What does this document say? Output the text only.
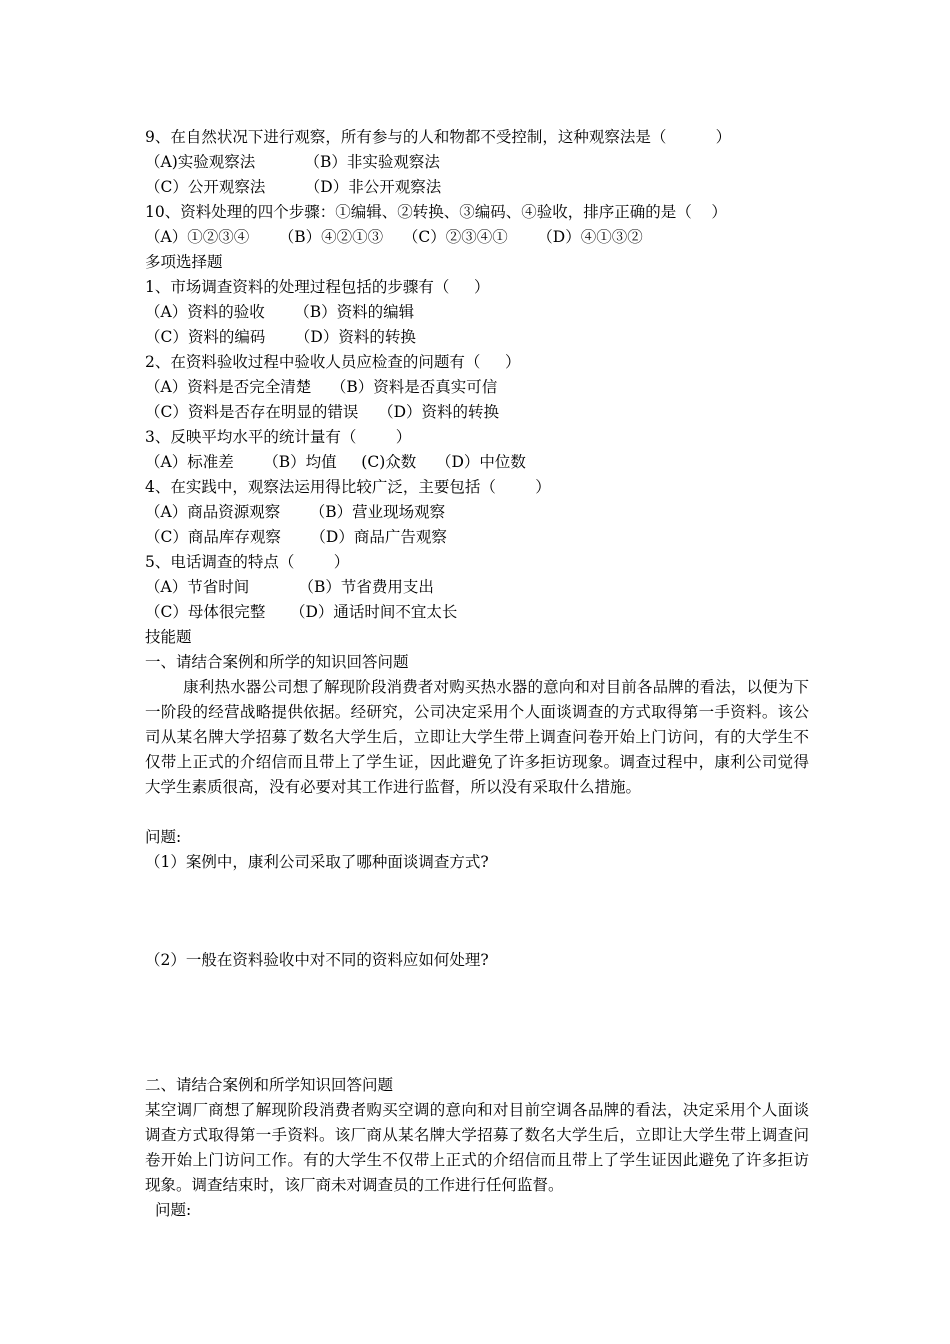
9、在自然状况下进行观察，所有参与的人和物都不受控制，这种观察法是（          ）
（A)实验观察法          （B）非实验观察法
（C）公开观察法        （D）非公开观察法
10、资料处理的四个步骤：①编辑、②转换、③编码、④验收，排序正确的是（    ）
（A）①②③④      （B）④②①③    （C）②③④①      （D）④①③②
多项选择题
1、市场调查资料的处理过程包括的步骤有（     ）
（A）资料的验收      （B）资料的编辑
（C）资料的编码      （D）资料的转换
2、在资料验收过程中验收人员应检查的问题有（     ）
（A）资料是否完全清楚    （B）资料是否真实可信
（C）资料是否存在明显的错误    （D）资料的转换
3、反映平均水平的统计量有（        ）
（A）标准差      （B）均值     (C)众数    （D）中位数
4、在实践中，观察法运用得比较广泛，主要包括（        ）
（A）商品资源观察      （B）营业现场观察
（C）商品库存观察      （D）商品广告观察
5、电话调查的特点（        ）
（A）节省时间          （B）节省费用支出
（C）母体很完整     （D）通话时间不宜太长
技能题
一、请结合案例和所学的知识回答问题
康利热水器公司想了解现阶段消费者对购买热水器的意向和对目前各品牌的看法，以便为下一阶段的经营战略提供依据。经研究，公司决定采用个人面谈调查的方式取得第一手资料。该公司从某名牌大学招募了数名大学生后，立即让大学生带上调查问卷开始上门访问，有的大学生不仅带上正式的介绍信而且带上了学生证，因此避免了许多拒访现象。调查过程中，康利公司觉得大学生素质很高，没有必要对其工作进行监督，所以没有采取什么措施。
问题:
（1）案例中，康利公司采取了哪种面谈调查方式?
（2）一般在资料验收中对不同的资料应如何处理?
二、请结合案例和所学知识回答问题
某空调厂商想了解现阶段消费者购买空调的意向和对目前空调各品牌的看法，决定采用个人面谈调查方式取得第一手资料。该厂商从某名牌大学招募了数名大学生后，立即让大学生带上调查问卷开始上门访问工作。有的大学生不仅带上正式的介绍信而且带上了学生证因此避免了许多拒访现象。调查结束时，该厂商未对调查员的工作进行任何监督。
问题:
